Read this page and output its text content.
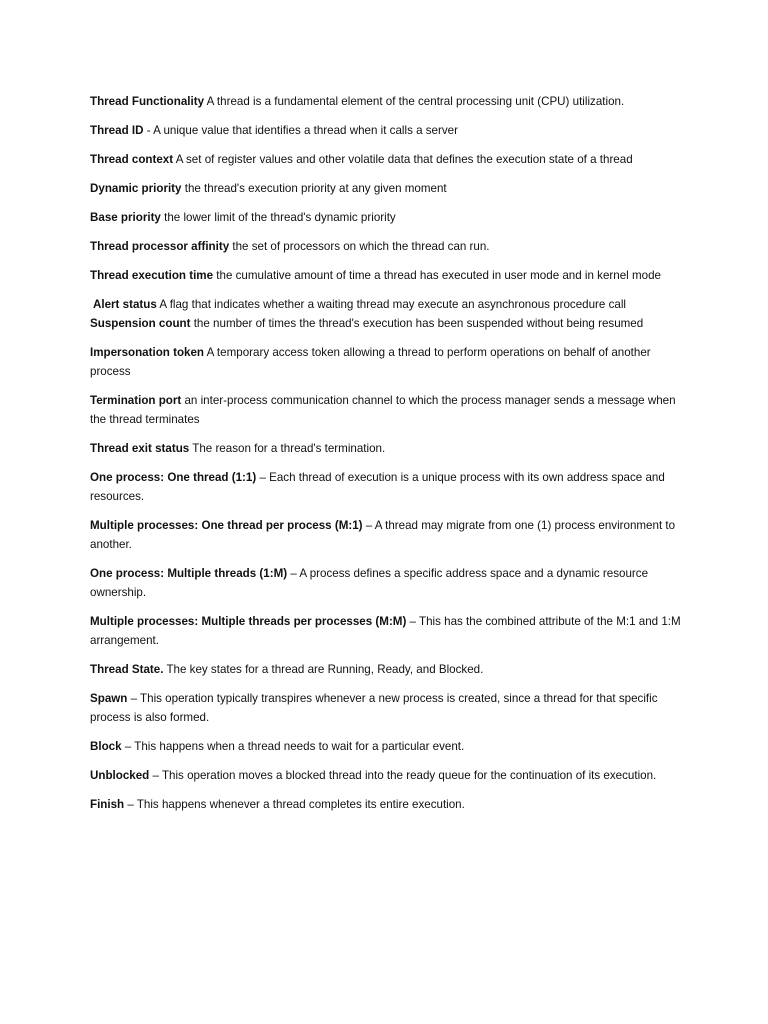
Thread Functionality A thread is a fundamental element of the central processing unit (CPU) utilization.

Thread ID - A unique value that identifies a thread when it calls a server

Thread context A set of register values and other volatile data that defines the execution state of a thread

Dynamic priority the thread's execution priority at any given moment

Base priority the lower limit of the thread's dynamic priority

Thread processor affinity the set of processors on which the thread can run.

Thread execution time the cumulative amount of time a thread has executed in user mode and in kernel mode

Alert status A flag that indicates whether a waiting thread may execute an asynchronous procedure call

Suspension count the number of times the thread's execution has been suspended without being resumed

Impersonation token A temporary access token allowing a thread to perform operations on behalf of another process

Termination port an inter-process communication channel to which the process manager sends a message when the thread terminates

Thread exit status The reason for a thread's termination.

One process: One thread (1:1) – Each thread of execution is a unique process with its own address space and resources.

Multiple processes: One thread per process (M:1) – A thread may migrate from one (1) process environment to another.

One process: Multiple threads (1:M) – A process defines a specific address space and a dynamic resource ownership.

Multiple processes: Multiple threads per processes (M:M) – This has the combined attribute of the M:1 and 1:M arrangement.

Thread State. The key states for a thread are Running, Ready, and Blocked.

Spawn – This operation typically transpires whenever a new process is created, since a thread for that specific process is also formed.

Block – This happens when a thread needs to wait for a particular event.

Unblocked – This operation moves a blocked thread into the ready queue for the continuation of its execution.

Finish – This happens whenever a thread completes its entire execution.
